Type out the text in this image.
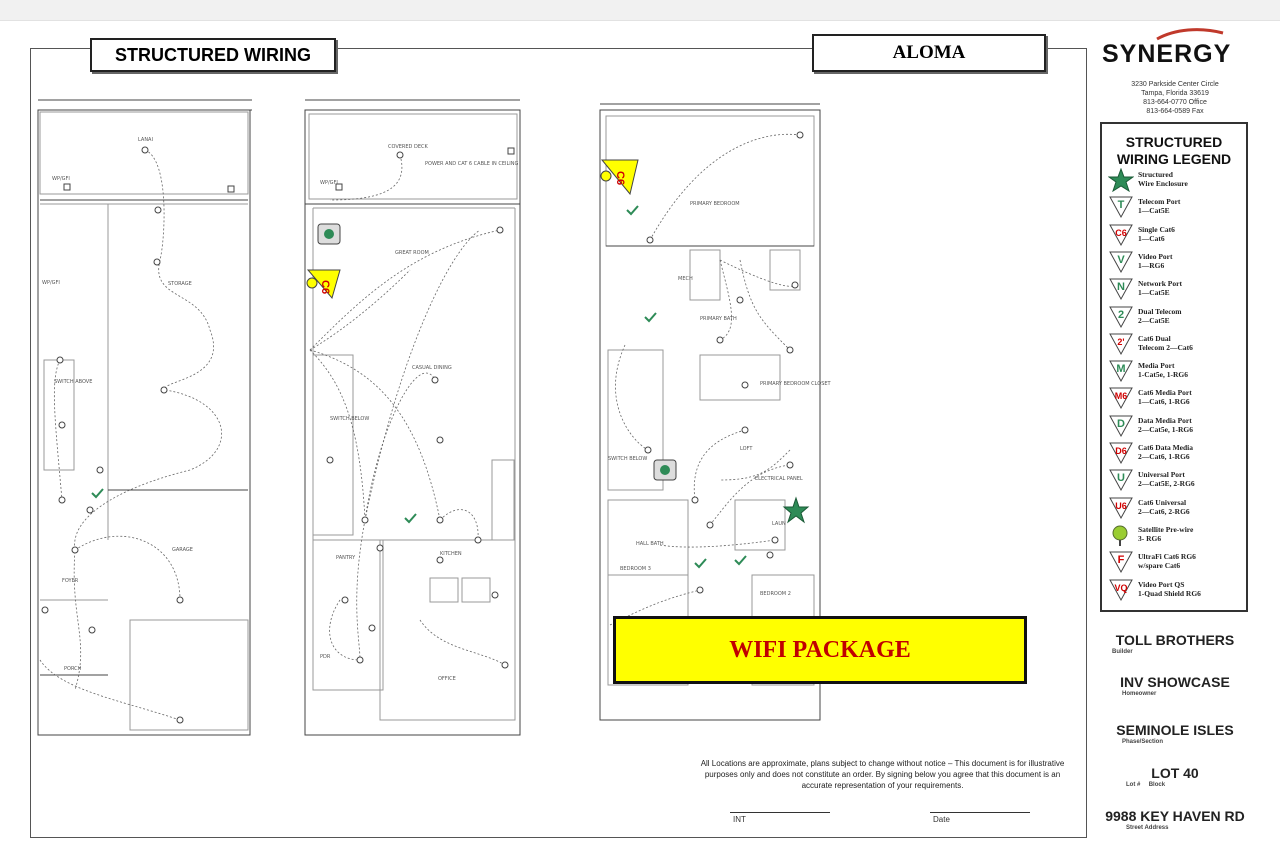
STRUCTURED WIRING	ALOMA
LANAI
STORAGE
GARAGE
FOYER
PORCH
WP/GFI
WP/GFI
SWITCH ABOVE
COVERED DECK
POWER AND CAT 6 CABLE IN CEILING
GREAT ROOM
CASUAL DINING
KITCHEN
PANTRY
OFFICE
PDR
WP/GFI
SWITCH BELOW
C6
PRIMARY BEDROOM
MECH
PRIMARY BEDROOM CLOSET
PRIMARY BATH
LOFT
ELECTRICAL PANEL
HALL BATH
LAUN
BEDROOM 3
BEDROOM 2
SWITCH BELOW
C6
WIFI PACKAGE
All Locations are approximate, plans subject to change without notice – This document is for illustrative purposes only and does not constitute an order. By signing below you agree that this document is an accurate representation of your requirements.
INT	Date
SYNERGY
3230 Parkside Center Circle
Tampa, Florida 33619
813-664-0770 Office
813-664-0589 Fax
STRUCTURED
WIRING LEGEND
Structured
Wire Enclosure
T Telecom Port
1—Cat5E
C6 Single Cat6
1—Cat6
V Video Port
1—RG6
N Network Port
1—Cat5E
2 Dual Telecom
2—Cat5E
2' Cat6 Dual
Telecom 2—Cat6
M Media Port
1-Cat5e, 1-RG6
M6 Cat6 Media Port
1—Cat6, 1-RG6
D Data Media Port
2—Cat5e, 1-RG6
D6 Cat6 Data Media
2—Cat6, 1-RG6
U Universal Port
2—Cat5E, 2-RG6
U6 Cat6 Universal
2—Cat6, 2-RG6
Satellite Pre-wire
3- RG6
F UltraFi Cat6 RG6
w/spare Cat6
VQ Video Port QS
1-Quad Shield RG6
TOLL BROTHERS
Builder
INV SHOWCASE
Homeowner
SEMINOLE ISLES
Phase/Section
LOT 40
Lot # Block
9988 KEY HAVEN RD
Street Address
